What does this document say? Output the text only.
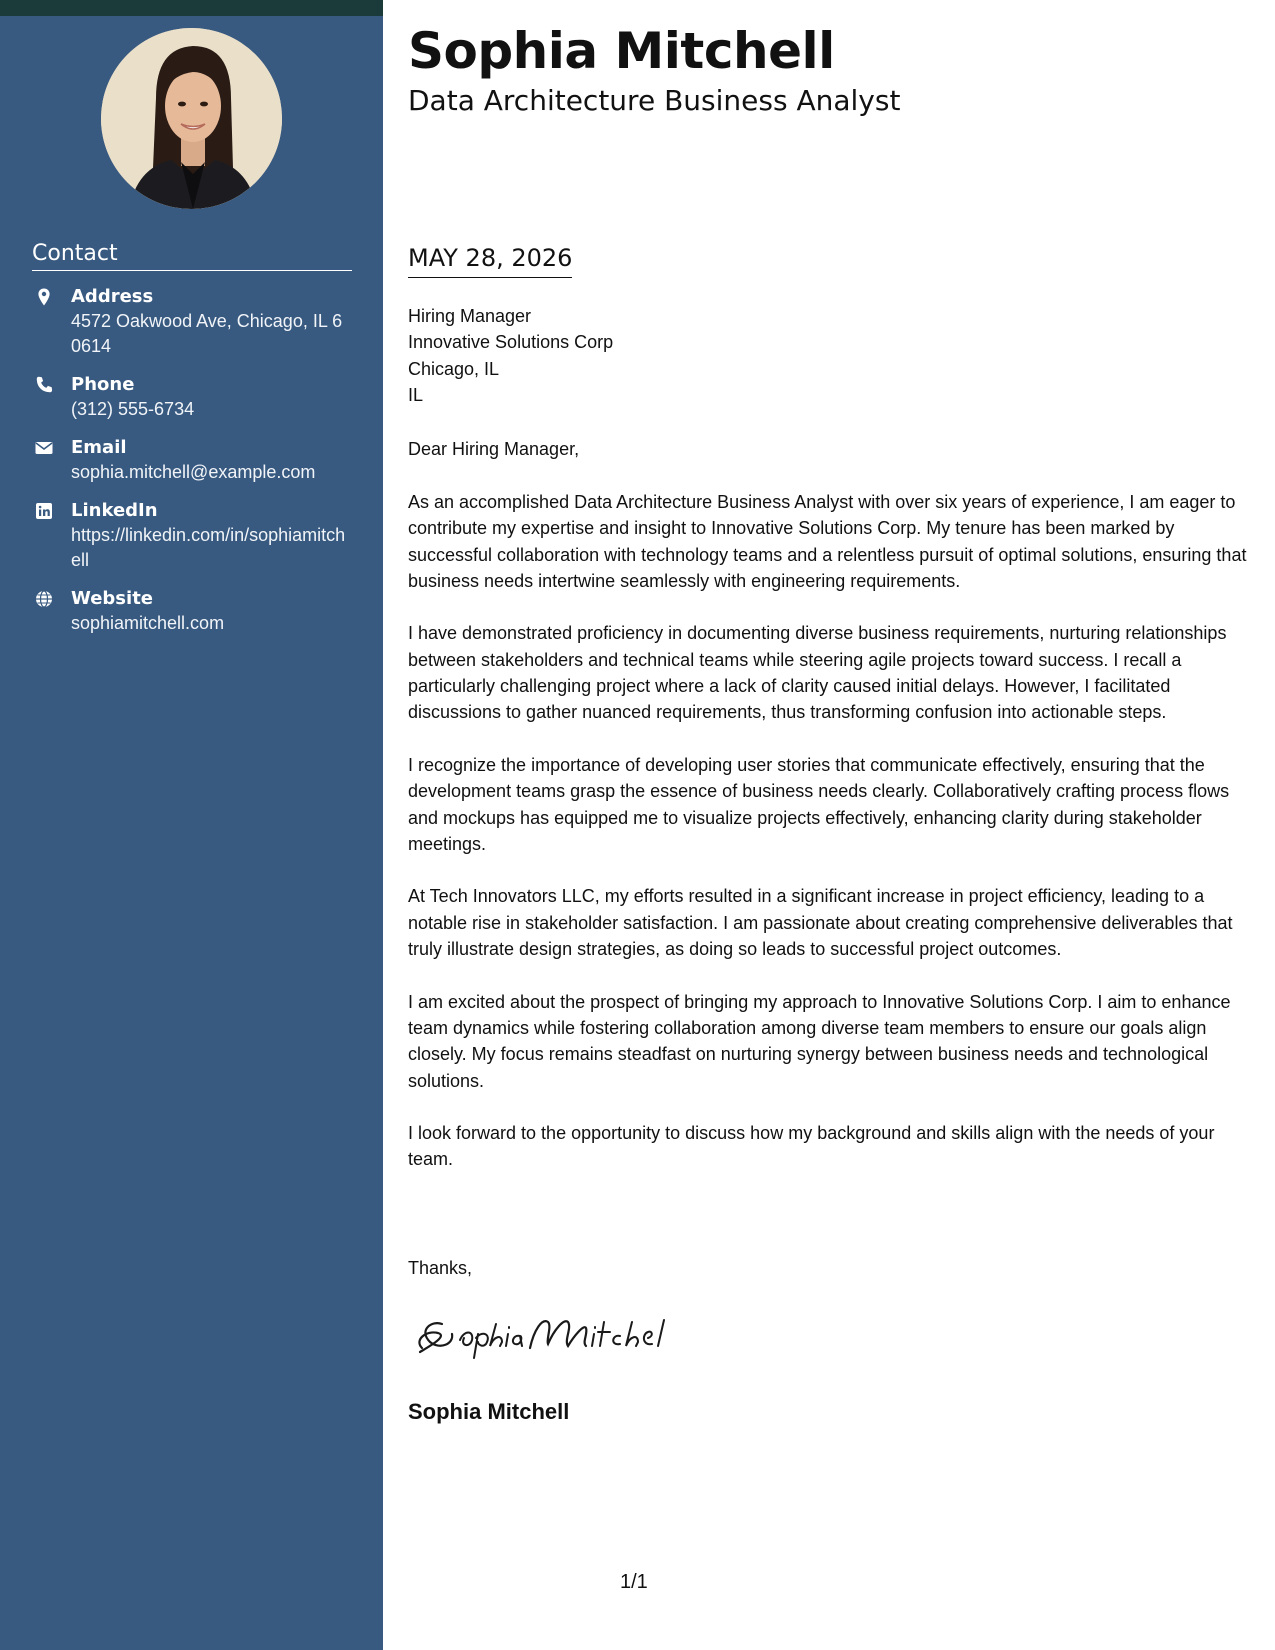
Contact
Address
4572 Oakwood Ave, Chicago, IL 60614
Phone
(312) 555-6734
Email
sophia.mitchell@example.com
LinkedIn
https://linkedin.com/in/sophiamitchell
Website
sophiamitchell.com
Sophia Mitchell
Data Architecture Business Analyst
MAY 28, 2026
Hiring Manager
Innovative Solutions Corp
Chicago, IL
IL
Dear Hiring Manager,

As an accomplished Data Architecture Business Analyst with over six years of experience, I am eager to contribute my expertise and insight to Innovative Solutions Corp. My tenure has been marked by successful collaboration with technology teams and a relentless pursuit of optimal solutions, ensuring that business needs intertwine seamlessly with engineering requirements.

I have demonstrated proficiency in documenting diverse business requirements, nurturing relationships between stakeholders and technical teams while steering agile projects toward success. I recall a particularly challenging project where a lack of clarity caused initial delays. However, I facilitated discussions to gather nuanced requirements, thus transforming confusion into actionable steps.

I recognize the importance of developing user stories that communicate effectively, ensuring that the development teams grasp the essence of business needs clearly. Collaboratively crafting process flows and mockups has equipped me to visualize projects effectively, enhancing clarity during stakeholder meetings.

At Tech Innovators LLC, my efforts resulted in a significant increase in project efficiency, leading to a notable rise in stakeholder satisfaction. I am passionate about creating comprehensive deliverables that truly illustrate design strategies, as doing so leads to successful project outcomes.

I am excited about the prospect of bringing my approach to Innovative Solutions Corp. I aim to enhance team dynamics while fostering collaboration among diverse team members to ensure our goals align closely. My focus remains steadfast on nurturing synergy between business needs and technological solutions.

I look forward to the opportunity to discuss how my background and skills align with the needs of your team.

Thanks,
Sophia Mitchell
1/1
